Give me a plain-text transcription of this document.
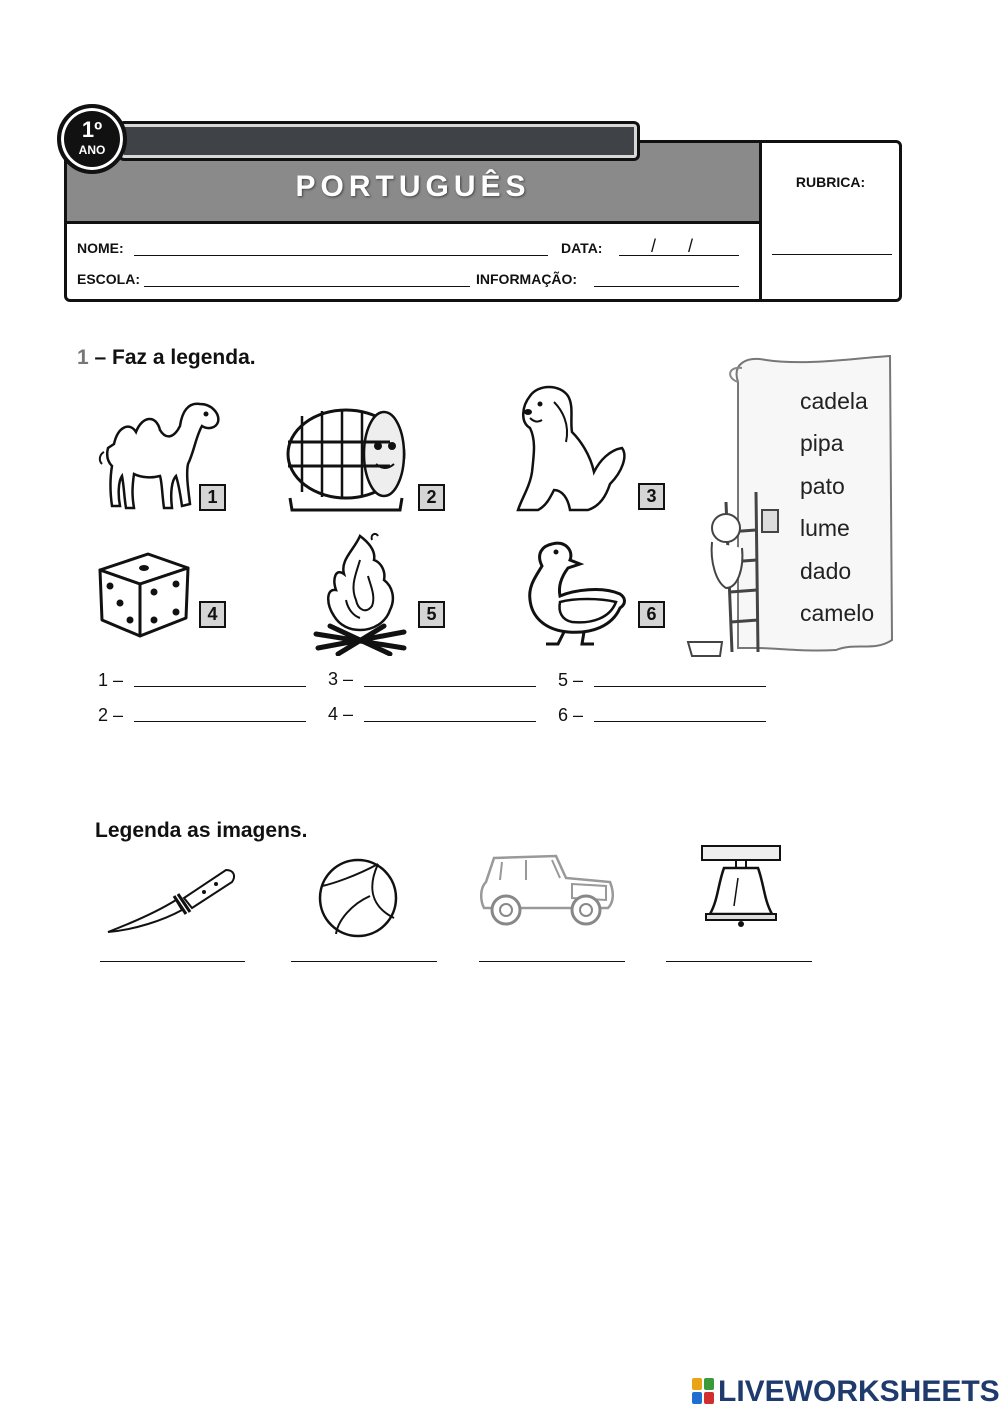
1º
ANO
PORTUGUÊS	RUBRICA:
NOME:	DATA:	/ /
ESCOLA:	INFORMAÇÃO:
1 – Faz a legenda.
1	2	3
4	5	6
cadela
pipa
pato
lume
dado
camelo
1 –
2 –
3 –
4 –
5 –
6 –
Legenda as imagens.
LIVEWORKSHEETS
